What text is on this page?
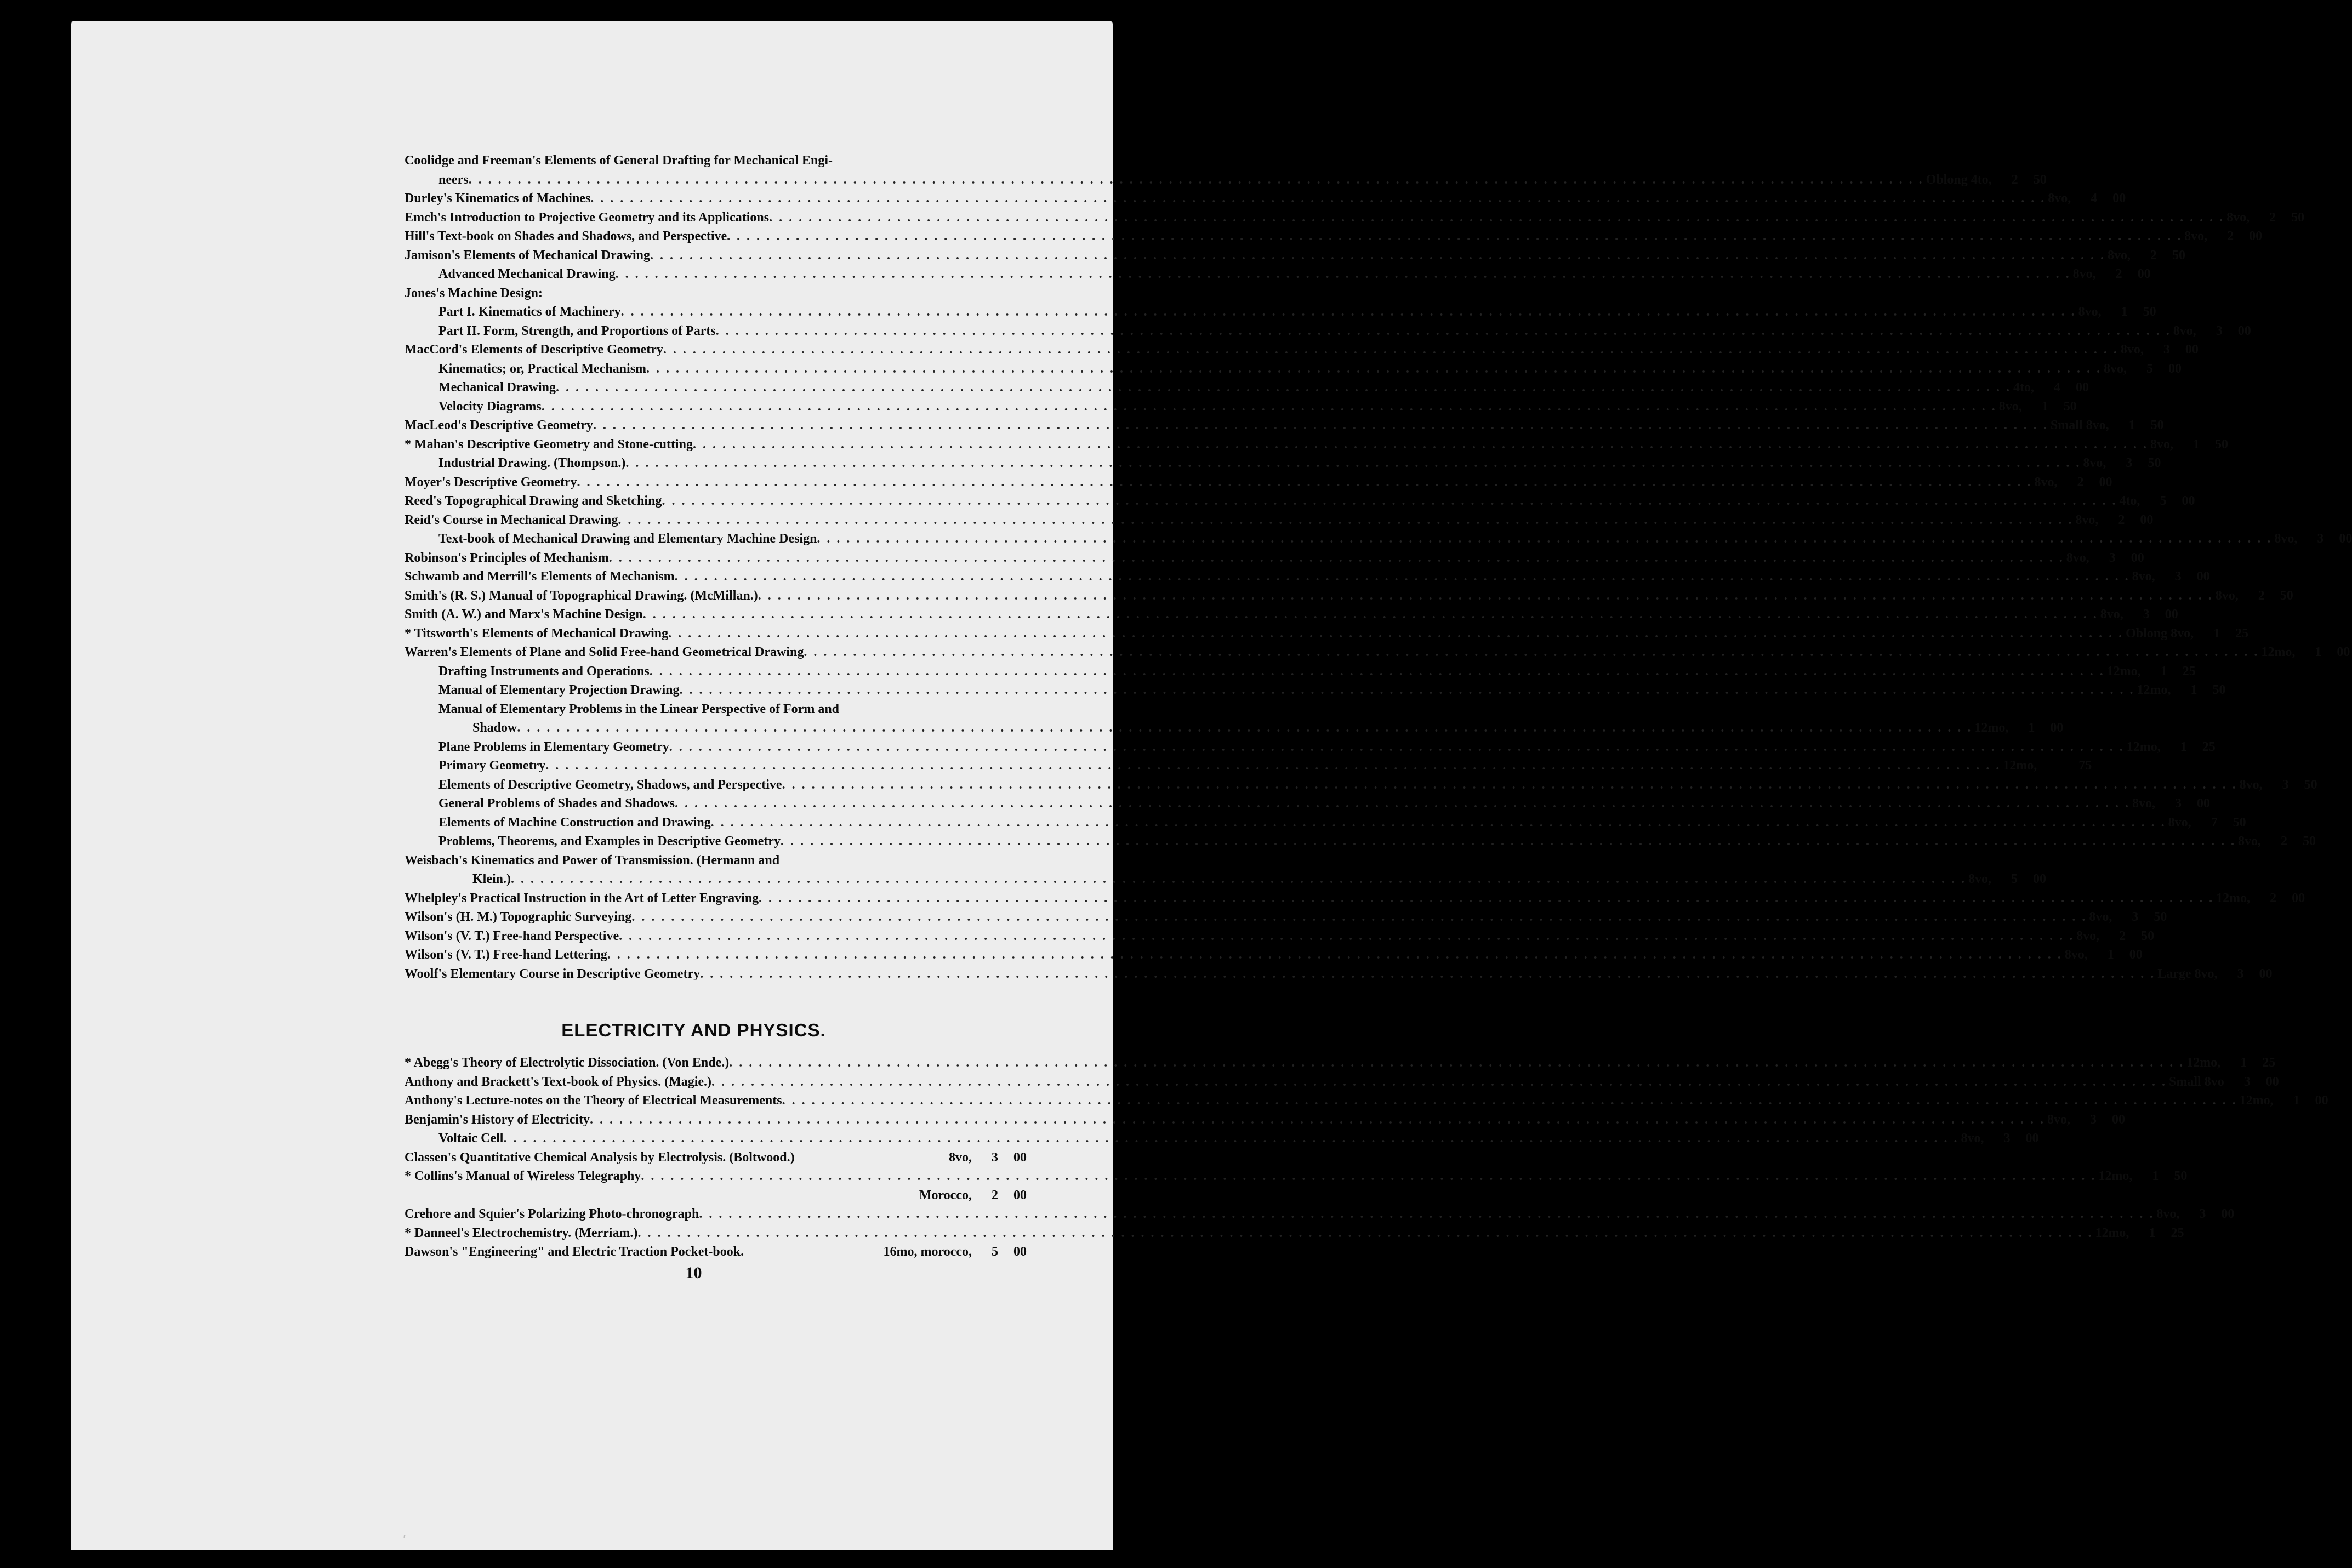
Coolidge and Freeman's Elements of General Drafting for Mechanical Engi-
neers . . .	Oblong 4to,	2 50
Durley's Kinematics of Machines . . .	8vo,	4 00
Emch's Introduction to Projective Geometry and its Applications . . .	8vo,	2 50
Hill's Text-book on Shades and Shadows, and Perspective . . .	8vo,	2 00
Jamison's Elements of Mechanical Drawing . . .	8vo,	2 50
Advanced Mechanical Drawing . . .	8vo,	2 00
Jones's Machine Design:
Part I. Kinematics of Machinery . . .	8vo,	1 50
Part II. Form, Strength, and Proportions of Parts . . .	8vo,	3 00
MacCord's Elements of Descriptive Geometry . . .	8vo,	3 00
Kinematics; or, Practical Mechanism . . .	8vo,	5 00
Mechanical Drawing . . .	4to,	4 00
Velocity Diagrams . . .	8vo,	1 50
MacLeod's Descriptive Geometry . . .	Small 8vo,	1 50
* Mahan's Descriptive Geometry and Stone-cutting . . .	8vo,	1 50
Industrial Drawing. (Thompson.) . . .	8vo,	3 50
Moyer's Descriptive Geometry . . .	8vo,	2 00
Reed's Topographical Drawing and Sketching . . .	4to,	5 00
Reid's Course in Mechanical Drawing . . .	8vo,	2 00
Text-book of Mechanical Drawing and Elementary Machine Design . . .	8vo,	3 00
Robinson's Principles of Mechanism . . .	8vo,	3 00
Schwamb and Merrill's Elements of Mechanism . . .	8vo,	3 00
Smith's (R. S.) Manual of Topographical Drawing. (McMillan.) . . .	8vo,	2 50
Smith (A. W.) and Marx's Machine Design . . .	8vo,	3 00
* Titsworth's Elements of Mechanical Drawing . . .	Oblong 8vo,	1 25
Warren's Elements of Plane and Solid Free-hand Geometrical Drawing . . .	12mo,	1 00
Drafting Instruments and Operations . . .	12mo,	1 25
Manual of Elementary Projection Drawing . . .	12mo,	1 50
Manual of Elementary Problems in the Linear Perspective of Form and
Shadow . . .	12mo,	1 00
Plane Problems in Elementary Geometry . . .	12mo,	1 25
Primary Geometry . . .	12mo,	75
Elements of Descriptive Geometry, Shadows, and Perspective . . .	8vo,	3 50
General Problems of Shades and Shadows . . .	8vo,	3 00
Elements of Machine Construction and Drawing . . .	8vo,	7 50
Problems, Theorems, and Examples in Descriptive Geometry . . .	8vo,	2 50
Weisbach's Kinematics and Power of Transmission. (Hermann and
Klein.) . . .	8vo,	5 00
Whelpley's Practical Instruction in the Art of Letter Engraving . . .	12mo,	2 00
Wilson's (H. M.) Topographic Surveying . . .	8vo,	3 50
Wilson's (V. T.) Free-hand Perspective . . .	8vo,	2 50
Wilson's (V. T.) Free-hand Lettering . . .	8vo,	1 00
Woolf's Elementary Course in Descriptive Geometry . . .	Large 8vo,	3 00
ELECTRICITY AND PHYSICS.
* Abegg's Theory of Electrolytic Dissociation. (Von Ende.) . . .	12mo,	1 25
Anthony and Brackett's Text-book of Physics. (Magie.) . . .	Small 8vo	3 00
Anthony's Lecture-notes on the Theory of Electrical Measurements . . .	12mo,	1 00
Benjamin's History of Electricity . . .	8vo,	3 00
Voltaic Cell . . .	8vo,	3 00
Classen's Quantitative Chemical Analysis by Electrolysis. (Boltwood.)	8vo,	3 00
* Collins's Manual of Wireless Telegraphy . . .	12mo,	1 50
Morocco,	2 00
Crehore and Squier's Polarizing Photo-chronograph . . .	8vo,	3 00
* Danneel's Electrochemistry. (Merriam.) . . .	12mo,	1 25
Dawson's "Engineering" and Electric Traction Pocket-book.	16mo, morocco,	5 00
10
ʹ
